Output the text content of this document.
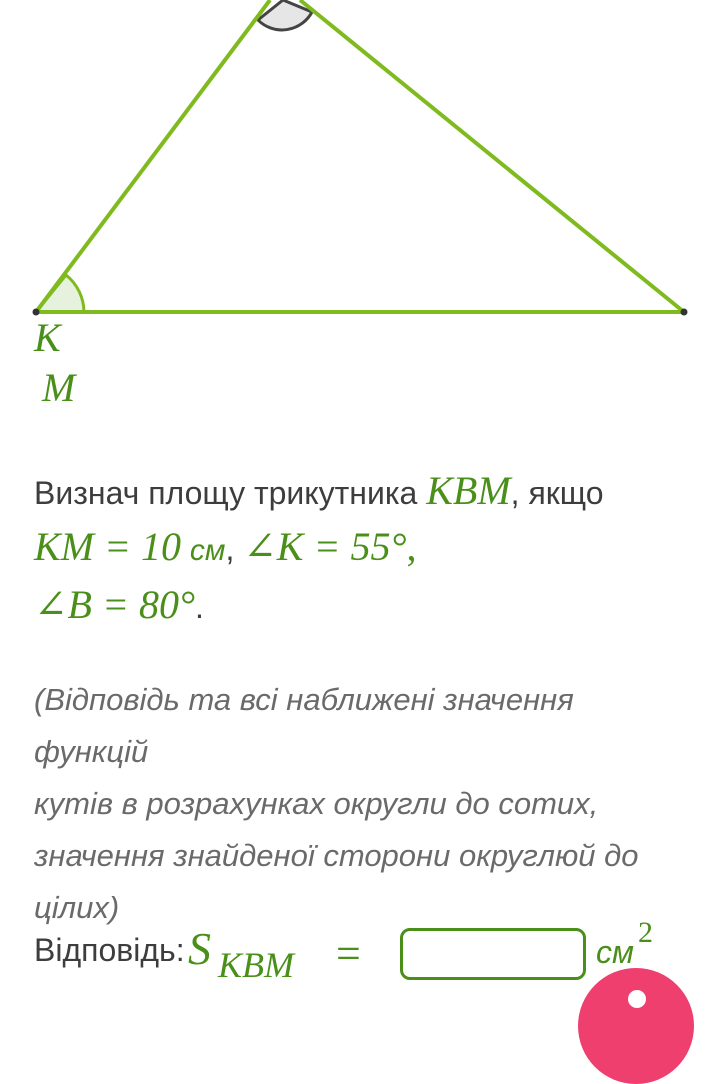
K
M
Визнач площу трикутника KBM, якщо
KM = 10 см, ∠K = 55°,
∠B = 80°.
(Відповідь та всі наближені значення функцій
кутів в розрахунках округли до сотих,
значення знайденої сторони округлюй до
цілих)
Відповідь: S KBM =	см
2
